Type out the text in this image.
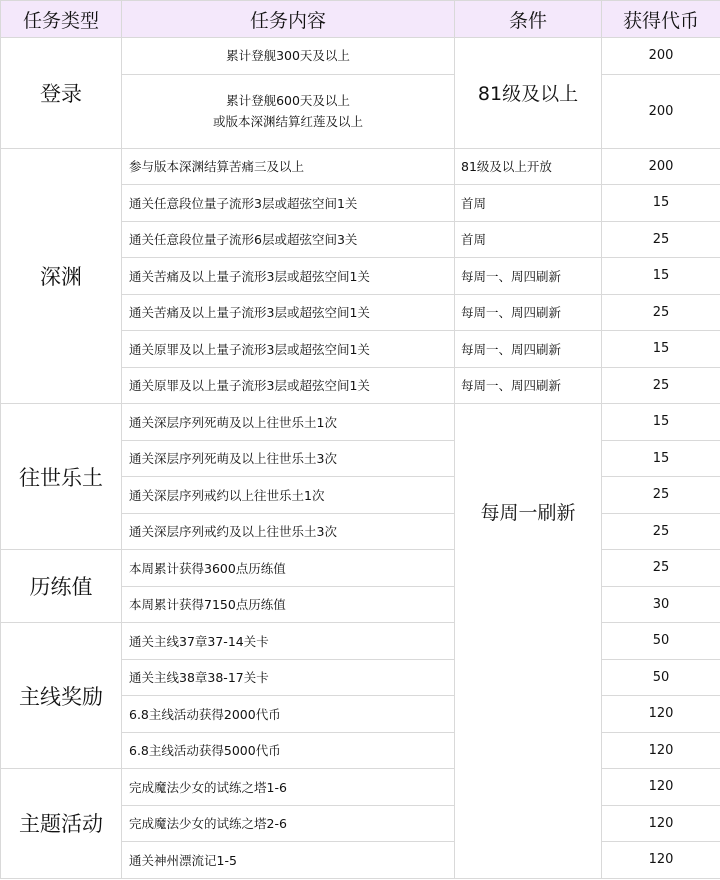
任务类型	任务内容	条件	获得代币
登录	累计登舰300天及以上	81级及以上	200

	累计登舰600天及以上
或版本深渊结算红莲及以上		200
深渊	参与版本深渊结算苦痛三及以上	81级及以上开放	200
	通关任意段位量子流形3层或超弦空间1关	首周	15
	通关任意段位量子流形6层或超弦空间3关	首周	25
	通关苦痛及以上量子流形3层或超弦空间1关	每周一、周四刷新	15
	通关苦痛及以上量子流形3层或超弦空间1关	每周一、周四刷新	25
	通关原罪及以上量子流形3层或超弦空间1关	每周一、周四刷新	15
	通关原罪及以上量子流形3层或超弦空间1关	每周一、周四刷新	25
往世乐土	通关深层序列死萌及以上往世乐土1次	每周一刷新	15
	通关深层序列死萌及以上往世乐土3次		15
	通关深层序列戒约以上往世乐土1次		25
	通关深层序列戒约及以上往世乐土3次		25
历练值	本周累计获得3600点历练值		25
	本周累计获得7150点历练值		30
主线奖励	通关主线37章37-14关卡		50
	通关主线38章38-17关卡		50
	6.8主线活动获得2000代币		120
	6.8主线活动获得5000代币		120
主题活动	完成魔法少女的试练之塔1-6		120
	完成魔法少女的试练之塔2-6		120
	通关神州漂流记1-5		120
